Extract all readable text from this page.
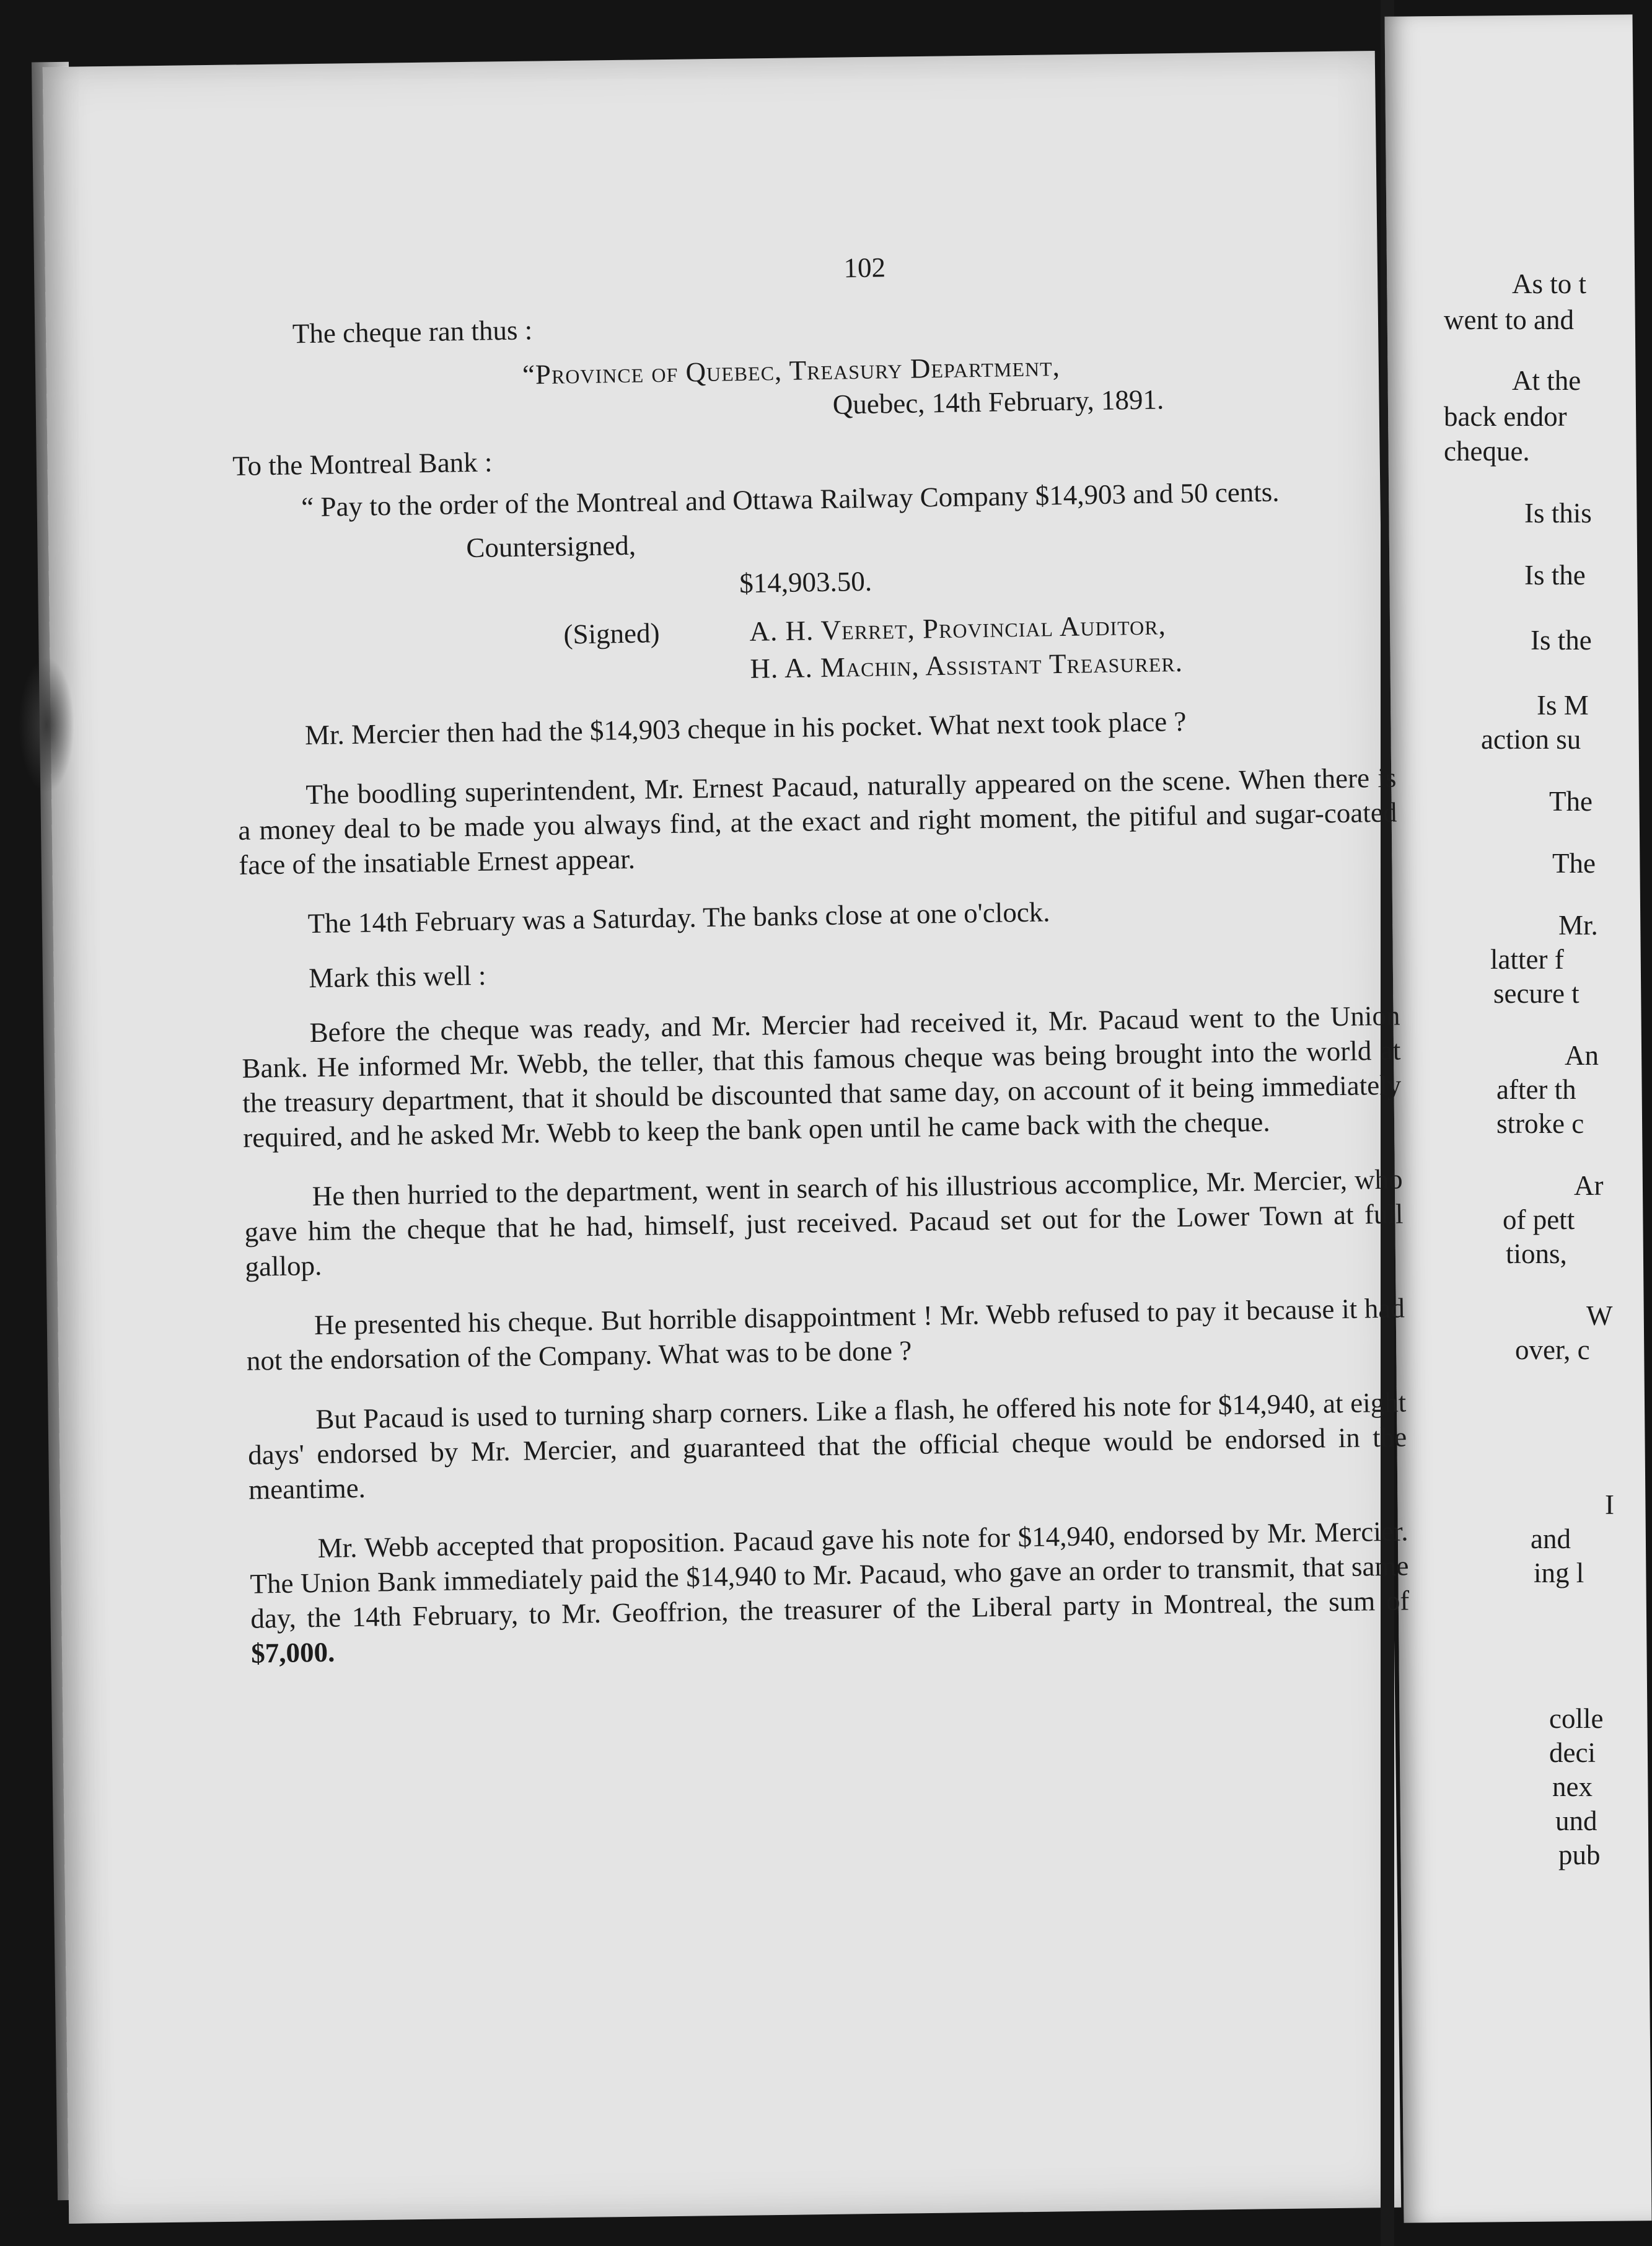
102
The cheque ran thus :
“Province of Quebec, Treasury Department,
Quebec, 14th February, 1891.
To the Montreal Bank :
“ Pay to the order of the Montreal and Ottawa Railway Company $14,903 and 50 cents.
Countersigned,
$14,903.50.
(Signed)	A. H. Verret, Provincial Auditor,
H. A. Machin, Assistant Treasurer.

Mr. Mercier then had the $14,903 cheque in his pocket. What next took place ?

The boodling superintendent, Mr. Ernest Pacaud, naturally appeared on the scene. When there is a money deal to be made you always find, at the exact and right moment, the pitiful and sugar-coated face of the insatiable Ernest appear.

The 14th February was a Saturday. The banks close at one o'clock.

Mark this well :

Before the cheque was ready, and Mr. Mercier had received it, Mr. Pacaud went to the Union Bank. He informed Mr. Webb, the teller, that this famous cheque was being brought into the world at the treasury department, that it should be discounted that same day, on account of it being immediately required, and he asked Mr. Webb to keep the bank open until he came back with the cheque.

He then hurried to the department, went in search of his illustrious accomplice, Mr. Mercier, who gave him the cheque that he had, himself, just received. Pacaud set out for the Lower Town at full gallop.

He presented his cheque. But horrible disappointment ! Mr. Webb refused to pay it because it had not the endorsation of the Company. What was to be done ?

But Pacaud is used to turning sharp corners. Like a flash, he offered his note for $14,940, at eight days' endorsed by Mr. Mercier, and guaranteed that the official cheque would be endorsed in the meantime.

Mr. Webb accepted that proposition. Pacaud gave his note for $14,940, endorsed by Mr. Mercier. The Union Bank immediately paid the $14,940 to Mr. Pacaud, who gave an order to transmit, that same day, the 14th February, to Mr. Geoffrion, the treasurer of the Liberal party in Montreal, the sum of $7,000.

As to t
went to and
At the
back endor
cheque.
Is this
Is the
Is the
Is M
action su
The
The
Mr.
latter f
secure t
An
after th
stroke c
Ar
of pett
tions,
W
over, c
I
and
ing l
colle
deci
nex
und
pub
